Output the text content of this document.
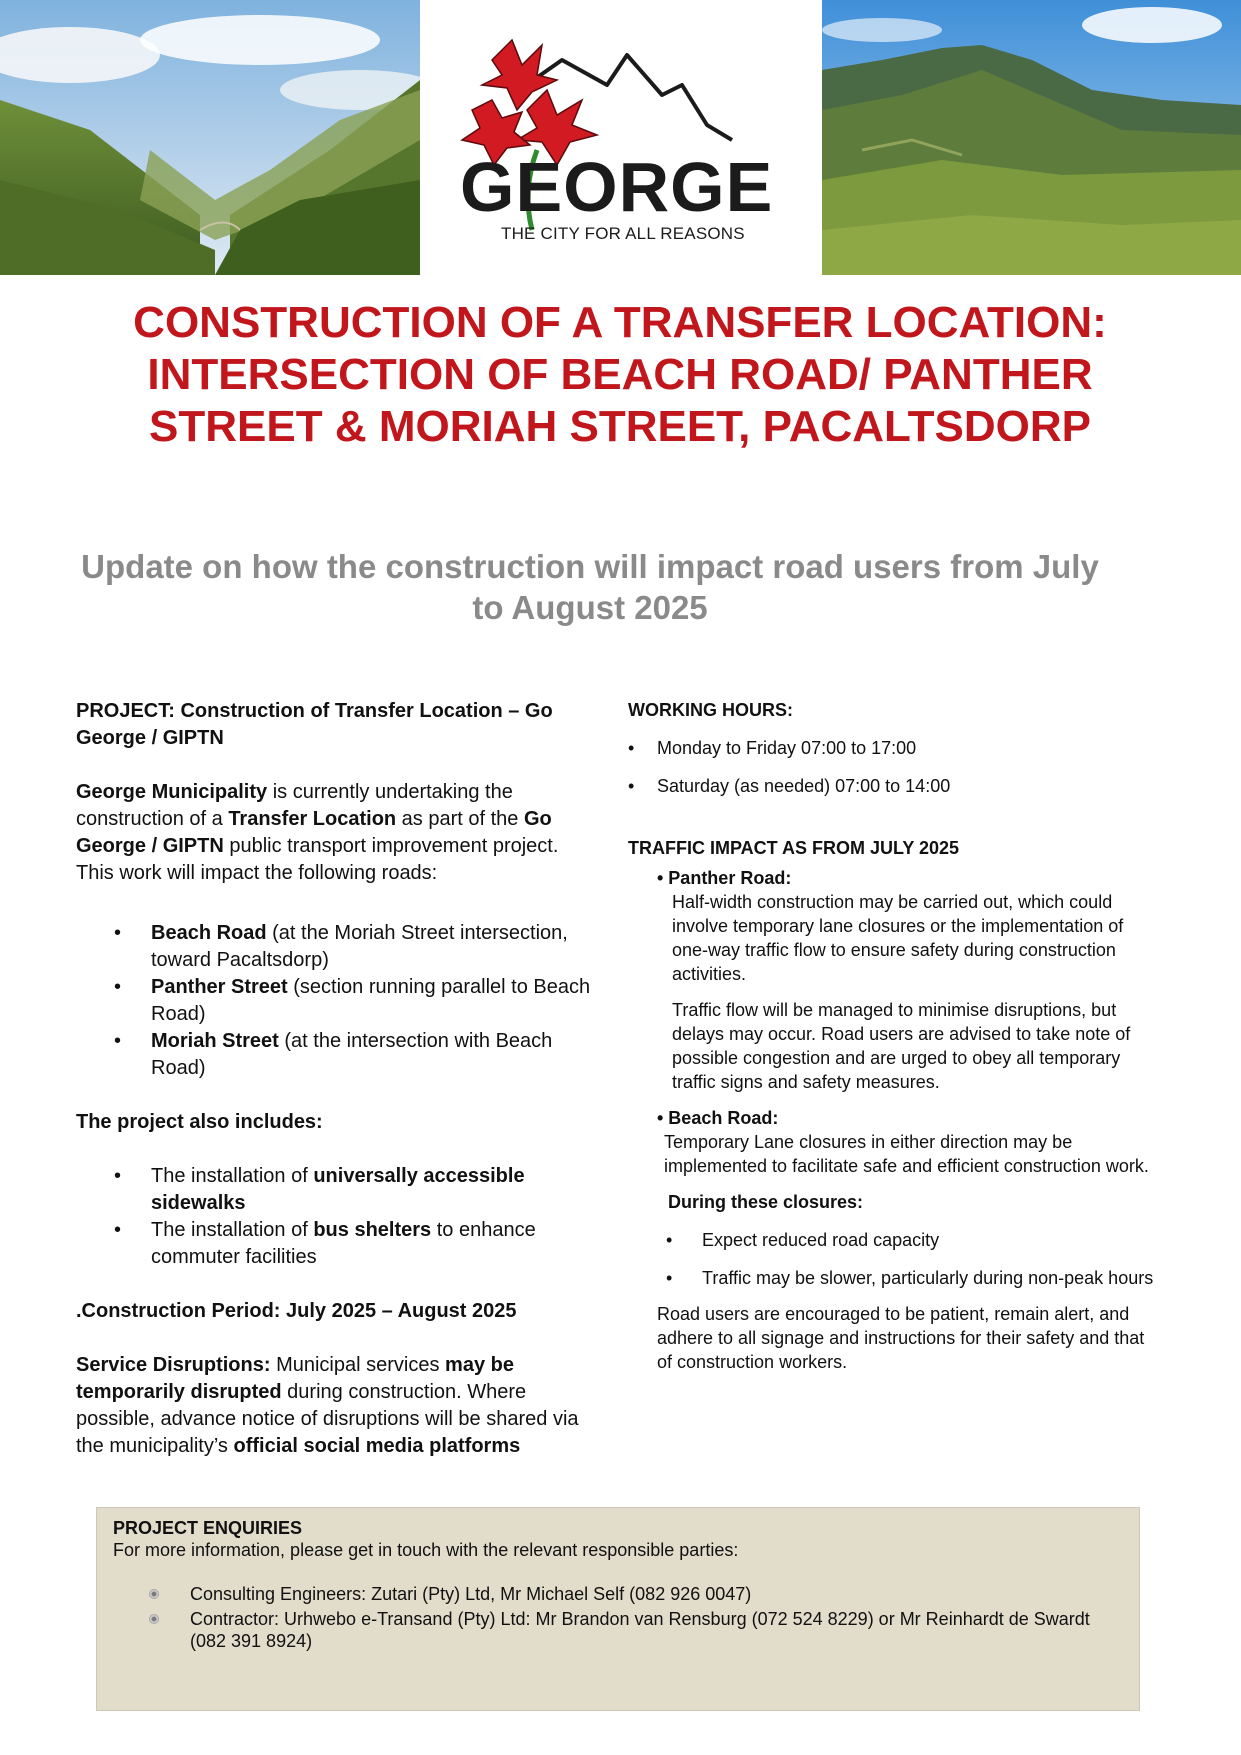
GEORGE
THE CITY FOR ALL REASONS
CONSTRUCTION OF A TRANSFER LOCATION: INTERSECTION OF BEACH ROAD/ PANTHER STREET & MORIAH STREET, PACALTSDORP
Update on how the construction will impact road users from July to August 2025

PROJECT: Construction of Transfer Location – Go George / GIPTN

George Municipality is currently undertaking the construction of a Transfer Location as part of the Go George / GIPTN public transport improvement project. This work will impact the following roads:

• Beach Road (at the Moriah Street intersection, toward Pacaltsdorp)
• Panther Street (section running parallel to Beach Road)
• Moriah Street (at the intersection with Beach Road)

The project also includes:

• The installation of universally accessible sidewalks
• The installation of bus shelters to enhance commuter facilities

.Construction Period: July 2025 – August 2025

Service Disruptions: Municipal services may be temporarily disrupted during construction. Where possible, advance notice of disruptions will be shared via the municipality’s official social media platforms

WORKING HOURS:

• Monday to Friday 07:00 to 17:00
• Saturday (as needed) 07:00 to 14:00

TRAFFIC IMPACT AS FROM JULY 2025

• Panther Road:

Half-width construction may be carried out, which could involve temporary lane closures or the implementation of one-way traffic flow to ensure safety during construction activities.

Traffic flow will be managed to minimise disruptions, but delays may occur. Road users are advised to take note of possible congestion and are urged to obey all temporary traffic signs and safety measures.

• Beach Road:

Temporary Lane closures in either direction may be implemented to facilitate safe and efficient construction work.

During these closures:

• Expect reduced road capacity
• Traffic may be slower, particularly during non-peak hours

Road users are encouraged to be patient, remain alert, and adhere to all signage and instructions for their safety and that of construction workers.

PROJECT ENQUIRIES

For more information, please get in touch with the relevant responsible parties:

Consulting Engineers: Zutari (Pty) Ltd, Mr Michael Self (082 926 0047)
Contractor: Urhwebo e-Transand (Pty) Ltd: Mr Brandon van Rensburg (072 524 8229) or Mr Reinhardt de Swardt (082 391 8924)
